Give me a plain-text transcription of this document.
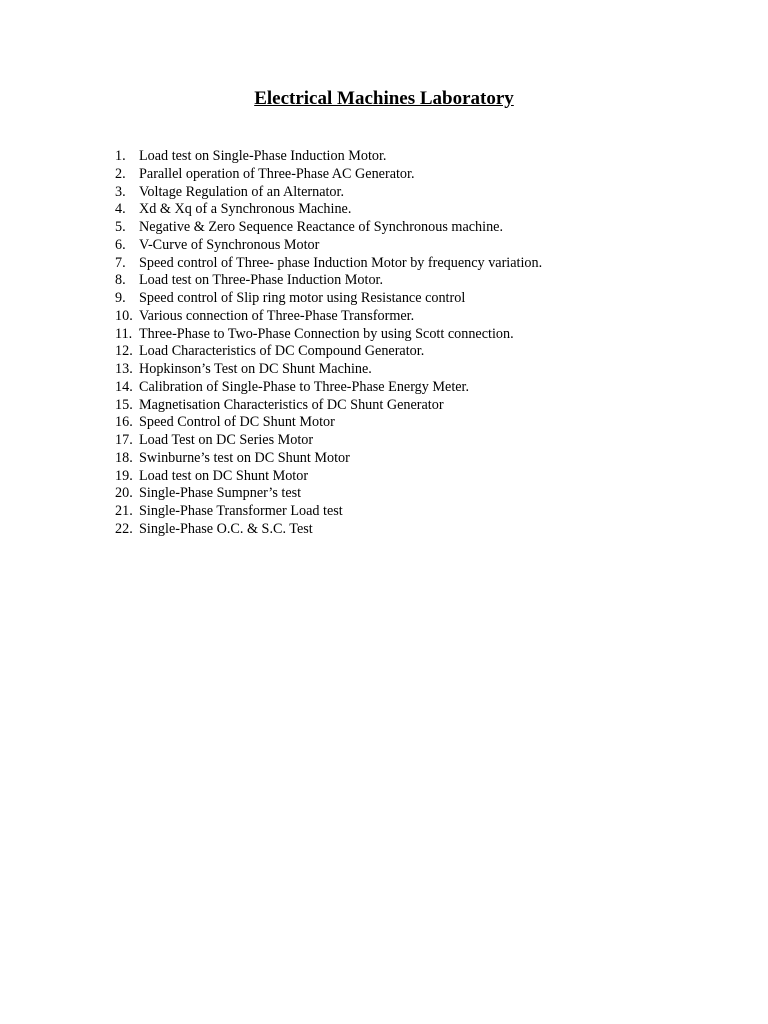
Electrical Machines Laboratory
1. Load test on Single-Phase Induction Motor.
2. Parallel operation of Three-Phase AC Generator.
3. Voltage Regulation of an Alternator.
4. Xd & Xq of a Synchronous Machine.
5. Negative & Zero Sequence Reactance of Synchronous machine.
6. V-Curve of Synchronous Motor
7. Speed control of Three- phase Induction Motor by frequency variation.
8. Load test on Three-Phase Induction Motor.
9. Speed control of Slip ring motor using Resistance control
10. Various connection of Three-Phase Transformer.
11. Three-Phase to Two-Phase Connection by using Scott connection.
12. Load Characteristics of DC Compound Generator.
13. Hopkinson’s Test on DC Shunt Machine.
14. Calibration of Single-Phase to Three-Phase Energy Meter.
15. Magnetisation Characteristics of DC Shunt Generator
16. Speed Control of DC Shunt Motor
17. Load Test on DC Series Motor
18. Swinburne’s test on DC Shunt Motor
19. Load test on DC Shunt Motor
20. Single-Phase Sumpner’s test
21. Single-Phase Transformer Load test
22. Single-Phase O.C. & S.C. Test
